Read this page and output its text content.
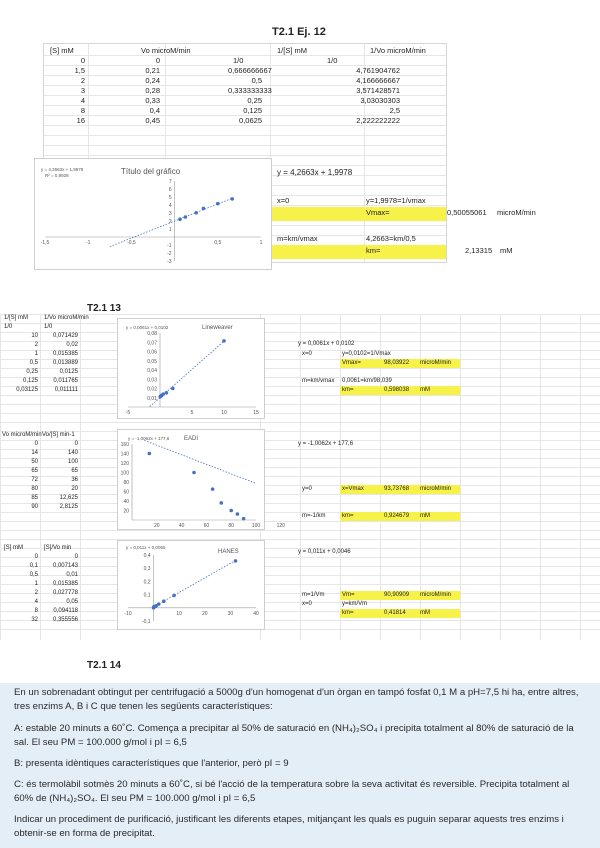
T2.1 Ej. 12
[S] mM	Vo microM/min	1/[S] mM	1/Vo microM/min
0	0	1/0	1/0
1,5	0,21	0,666666667	4,761904762
2	0,24	0,5	4,166666667
3	0,28	0,333333333	3,571428571
4	0,33	0,25	3,03030303
8	0,4	0,125	2,5
16	0,45	0,0625	2,222222222
y = 4,2663x + 1,9978
x=0	y=1,9978=1/vmax
Vmax=	0,50055061 microM/min
m=km/vmax	4,2663=km/0,5
km=	2,13315 mM
-1,5	-1	-0,5	0,5	1
-3
-2
-1
1
2
3
4
5
6
7
Título del gráfico
y = 4,2663x + 1,9978
R² = 0,9928
T2.1 13
1/[S] mM	1/Vo microM/min
1/0	1/0
10	0,071429
2	0,02
1	0,015385
0,5	0,013889
0,25	0,0125
0,125	0,011765
0,03125	0,011111
Vo microM/min Vo/[S] min-1
0	0
14	140
50	100
65	65
72	36
80	20
85	12,625
90	2,8125
[S] mM	[S]/Vo min
0	0
0,1	0,007143
0,5	0,01
1	0,015385
2	0,027778
4	0,05
8	0,094118
32	0,355556
y = 0,0061x + 0,0102
x=0	y=0,0102=1/Vmax
Vmax=	98,03922 microM/min
m=km/vmax 0,0061=km/98,039
km=	0,598038 mM
y = -1,0062x + 177,6
y=0	x=Vmax	93,73768 microM/min
m=-1/km	km=	0,924679 mM
y = 0,011x + 0,0046
m=1/Vm	Vm=	90,90909 microM/min
x=0	y=km/Vm
km=	0,41814 mM
-5	5	10	15
0,01
0,02
0,03
0,04
0,05
0,06
0,07
0,08
Lineweaver
y = 0,0061x + 0,0102
20	40	60	80	100	120
20
40
60
80
100
120
140
160
EADI
y = -1,0062x + 177,6
-10	10	20	30	40
-0,1
0,1
0,2
0,3
0,4
HANES
y = 0,011x + 0,0065
T2.1 14
En un sobrenadant obtingut per centrifugació a 5000g d'un homogenat d'un òrgan en tampó fosfat 0,1 M a pH=7,5 hi ha, entre altres, tres enzims A, B i C que tenen les següents característiques:
A: estable 20 minuts a 60˚C. Comença a precipitar al 50% de saturació en (NH₄)₂SO₄ i precipita totalment al 80% de saturació de la sal. El seu PM = 100.000 g/mol i pI = 6,5
B: presenta idèntiques característiques que l'anterior, però pI = 9
C: és termolàbil sotmès 20 minuts a 60˚C, si bé l'acció de la temperatura sobre la seva activitat és reversible. Precipita totalment al 60% de (NH₄)₂SO₄. El seu PM = 100.000 g/mol i pI = 6,5
Indicar un procediment de purificació, justificant les diferents etapes, mitjançant les quals es puguin separar aquests tres enzims i obtenir-se en forma de precipitat.
